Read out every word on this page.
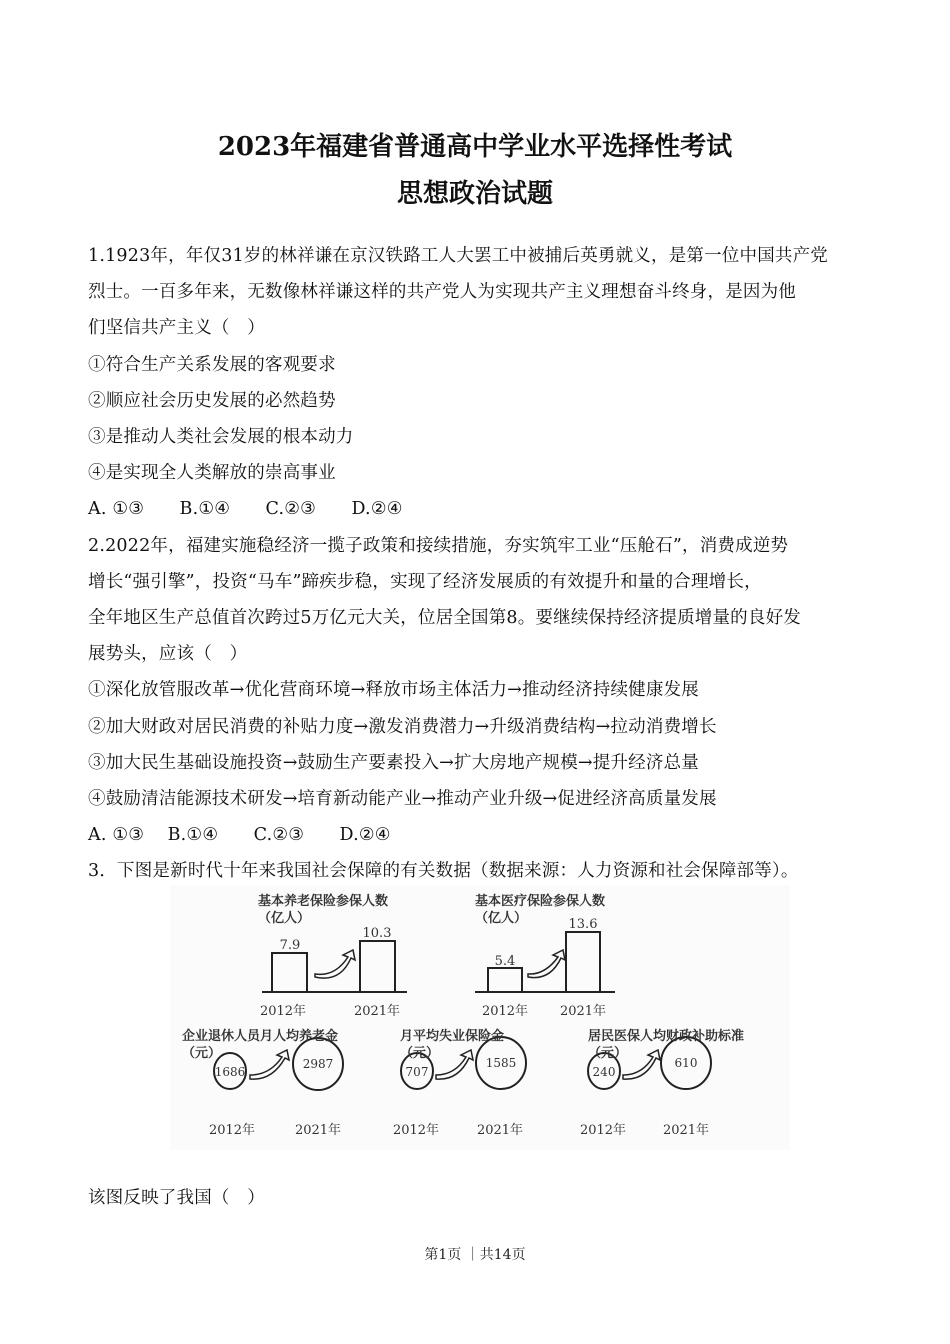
2023年福建省普通高中学业水平选择性考试
思想政治试题
1.1923年，年仅31岁的林祥谦在京汉铁路工人大罢工中被捕后英勇就义，是第一位中国共产党
烈士。一百多年来，无数像林祥谦这样的共产党人为实现共产主义理想奋斗终身，是因为他
们坚信共产主义（　）
①符合生产关系发展的客观要求
②顺应社会历史发展的必然趋势
③是推动人类社会发展的根本动力
④是实现全人类解放的崇高事业
A. ①③　　B.①④　　C.②③　　D.②④
2.2022年，福建实施稳经济一揽子政策和接续措施，夯实筑牢工业“压舱石”，消费成逆势
增长“强引擎”，投资“马车”蹄疾步稳，实现了经济发展质的有效提升和量的合理增长，
全年地区生产总值首次跨过5万亿元大关，位居全国第8。要继续保持经济提质增量的良好发
展势头，应该（　）
①深化放管服改革→优化营商环境→释放市场主体活力→推动经济持续健康发展
②加大财政对居民消费的补贴力度→激发消费潜力→升级消费结构→拉动消费增长
③加大民生基础设施投资→鼓励生产要素投入→扩大房地产规模→提升经济总量
④鼓励清洁能源技术研发→培育新动能产业→推动产业升级→促进经济高质量发展
A. ①③　 B.①④　　C.②③　　D.②④
3．下图是新时代十年来我国社会保障的有关数据（数据来源：人力资源和社会保障部等）。
基本养老保险参保人数
（亿人）
基本医疗保险参保人数
（亿人）
企业退休人员月人均养老金
（元）
月平均失业保险金
（元）
居民医保人均财政补助标准
（元）
7.9
10.3
5.4
13.6
2012年	2021年	2012年 2021年
1686
2987
707
1585
240
610
2012年	2021年	2012年	2021年	2012年	2021年
该图反映了我国（　）
第1页 ｜共14页
